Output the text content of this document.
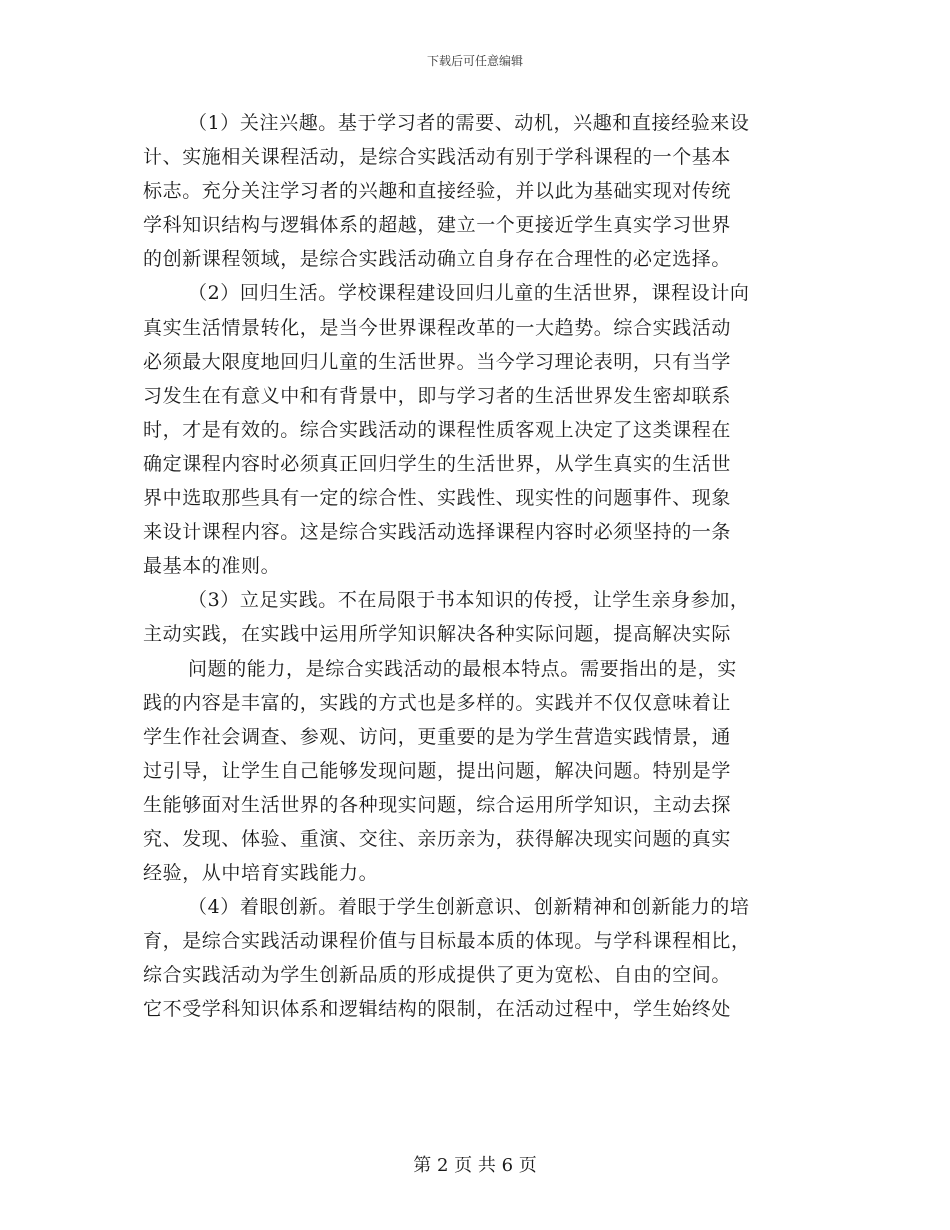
下载后可任意编辑
（1）关注兴趣。基于学习者的需要、动机，兴趣和直接经验来设
计、实施相关课程活动，是综合实践活动有别于学科课程的一个基本
标志。充分关注学习者的兴趣和直接经验，并以此为基础实现对传统
学科知识结构与逻辑体系的超越，建立一个更接近学生真实学习世界
的创新课程领域，是综合实践活动确立自身存在合理性的必定选择。
（2）回归生活。学校课程建设回归儿童的生活世界，课程设计向
真实生活情景转化，是当今世界课程改革的一大趋势。综合实践活动
必须最大限度地回归儿童的生活世界。当今学习理论表明，只有当学
习发生在有意义中和有背景中，即与学习者的生活世界发生密却联系
时，才是有效的。综合实践活动的课程性质客观上决定了这类课程在
确定课程内容时必须真正回归学生的生活世界，从学生真实的生活世
界中选取那些具有一定的综合性、实践性、现实性的问题事件、现象
来设计课程内容。这是综合实践活动选择课程内容时必须坚持的一条
最基本的准则。
（3）立足实践。不在局限于书本知识的传授，让学生亲身参加，
主动实践，在实践中运用所学知识解决各种实际问题，提高解决实际
问题的能力，是综合实践活动的最根本特点。需要指出的是，实
践的内容是丰富的，实践的方式也是多样的。实践并不仅仅意味着让
学生作社会调查、参观、访问，更重要的是为学生营造实践情景，通
过引导，让学生自己能够发现问题，提出问题，解决问题。特别是学
生能够面对生活世界的各种现实问题，综合运用所学知识，主动去探
究、发现、体验、重演、交往、亲历亲为，获得解决现实问题的真实
经验，从中培育实践能力。
（4）着眼创新。着眼于学生创新意识、创新精神和创新能力的培
育，是综合实践活动课程价值与目标最本质的体现。与学科课程相比，
综合实践活动为学生创新品质的形成提供了更为宽松、自由的空间。
它不受学科知识体系和逻辑结构的限制，在活动过程中，学生始终处
第 2 页 共 6 页
